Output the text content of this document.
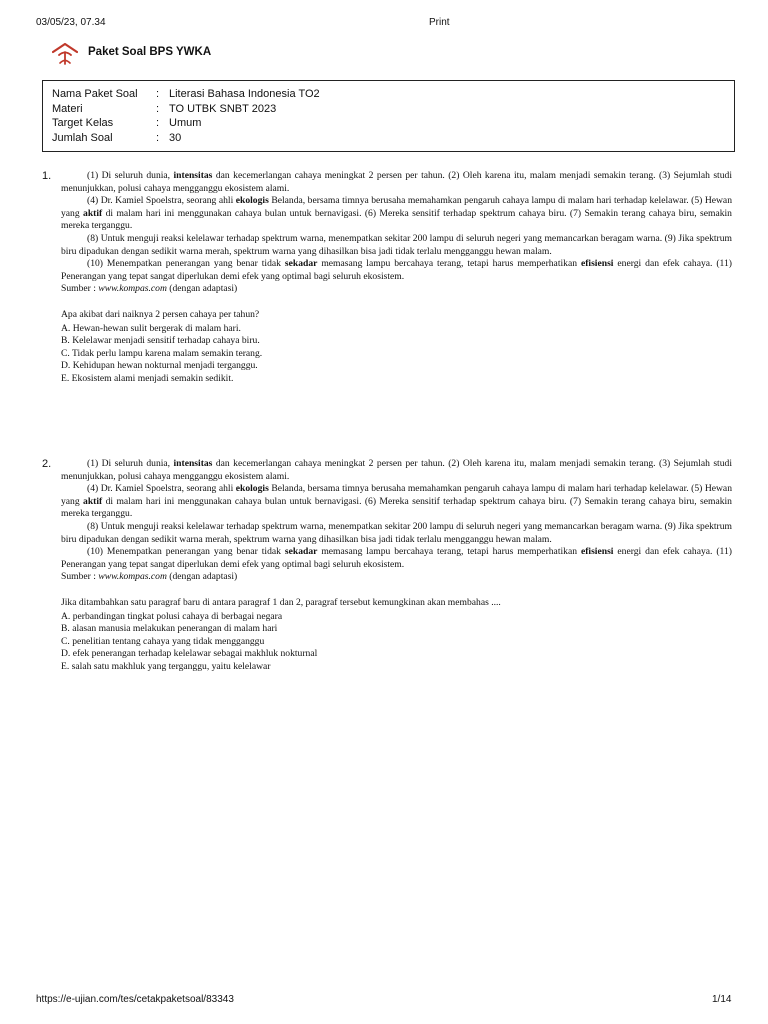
03/05/23, 07.34	Print
Paket Soal BPS YWKA
Nama Paket Soal	: Literasi Bahasa Indonesia TO2
Materi	: TO UTBK SNBT 2023
Target Kelas	: Umum
Jumlah Soal	: 30
1.	(1) Di seluruh dunia, intensitas dan kecemerlangan cahaya meningkat 2 persen per tahun. (2) Oleh karena itu, malam menjadi semakin terang. (3) Sejumlah studi menunjukkan, polusi cahaya mengganggu ekosistem alami.

(4) Dr. Kamiel Spoelstra, seorang ahli ekologis Belanda, bersama timnya berusaha memahamkan pengaruh cahaya lampu di malam hari terhadap kelelawar. (5) Hewan yang aktif di malam hari ini menggunakan cahaya bulan untuk bernavigasi. (6) Mereka sensitif terhadap spektrum cahaya biru. (7) Semakin terang cahaya biru, semakin mereka terganggu.

(8) Untuk menguji reaksi kelelawar terhadap spektrum warna, menempatkan sekitar 200 lampu di seluruh negeri yang memancarkan beragam warna. (9) Jika spektrum biru dipadukan dengan sedikit warna merah, spektrum warna yang dihasilkan bisa jadi tidak terlalu mengganggu hewan malam.

(10) Menempatkan penerangan yang benar tidak sekadar memasang lampu bercahaya terang, tetapi harus memperhatikan efisiensi energi dan efek cahaya. (11) Penerangan yang tepat sangat diperlukan demi efek yang optimal bagi seluruh ekosistem.

Sumber : www.kompas.com (dengan adaptasi)

Apa akibat dari naiknya 2 persen cahaya per tahun?

A. Hewan-hewan sulit bergerak di malam hari.

B. Kelelawar menjadi sensitif terhadap cahaya biru.

C. Tidak perlu lampu karena malam semakin terang.

D. Kehidupan hewan nokturnal menjadi terganggu.

E. Ekosistem alami menjadi semakin sedikit.

2.	(1) Di seluruh dunia, intensitas dan kecemerlangan cahaya meningkat 2 persen per tahun. (2) Oleh karena itu, malam menjadi semakin terang. (3) Sejumlah studi menunjukkan, polusi cahaya mengganggu ekosistem alami.

(4) Dr. Kamiel Spoelstra, seorang ahli ekologis Belanda, bersama timnya berusaha memahamkan pengaruh cahaya lampu di malam hari terhadap kelelawar. (5) Hewan yang aktif di malam hari ini menggunakan cahaya bulan untuk bernavigasi. (6) Mereka sensitif terhadap spektrum cahaya biru. (7) Semakin terang cahaya biru, semakin mereka terganggu.

(8) Untuk menguji reaksi kelelawar terhadap spektrum warna, menempatkan sekitar 200 lampu di seluruh negeri yang memancarkan beragam warna. (9) Jika spektrum biru dipadukan dengan sedikit warna merah, spektrum warna yang dihasilkan bisa jadi tidak terlalu mengganggu hewan malam.

(10) Menempatkan penerangan yang benar tidak sekadar memasang lampu bercahaya terang, tetapi harus memperhatikan efisiensi energi dan efek cahaya. (11) Penerangan yang tepat sangat diperlukan demi efek yang optimal bagi seluruh ekosistem.

Sumber : www.kompas.com (dengan adaptasi)

Jika ditambahkan satu paragraf baru di antara paragraf 1 dan 2, paragraf tersebut kemungkinan akan membahas ....

A. perbandingan tingkat polusi cahaya di berbagai negara

B. alasan manusia melakukan penerangan di malam hari

C. penelitian tentang cahaya yang tidak mengganggu

D. efek penerangan terhadap kelelawar sebagai makhluk nokturnal

E. salah satu makhluk yang terganggu, yaitu kelelawar

https://e-ujian.com/tes/cetakpaketsoal/83343	1/14
